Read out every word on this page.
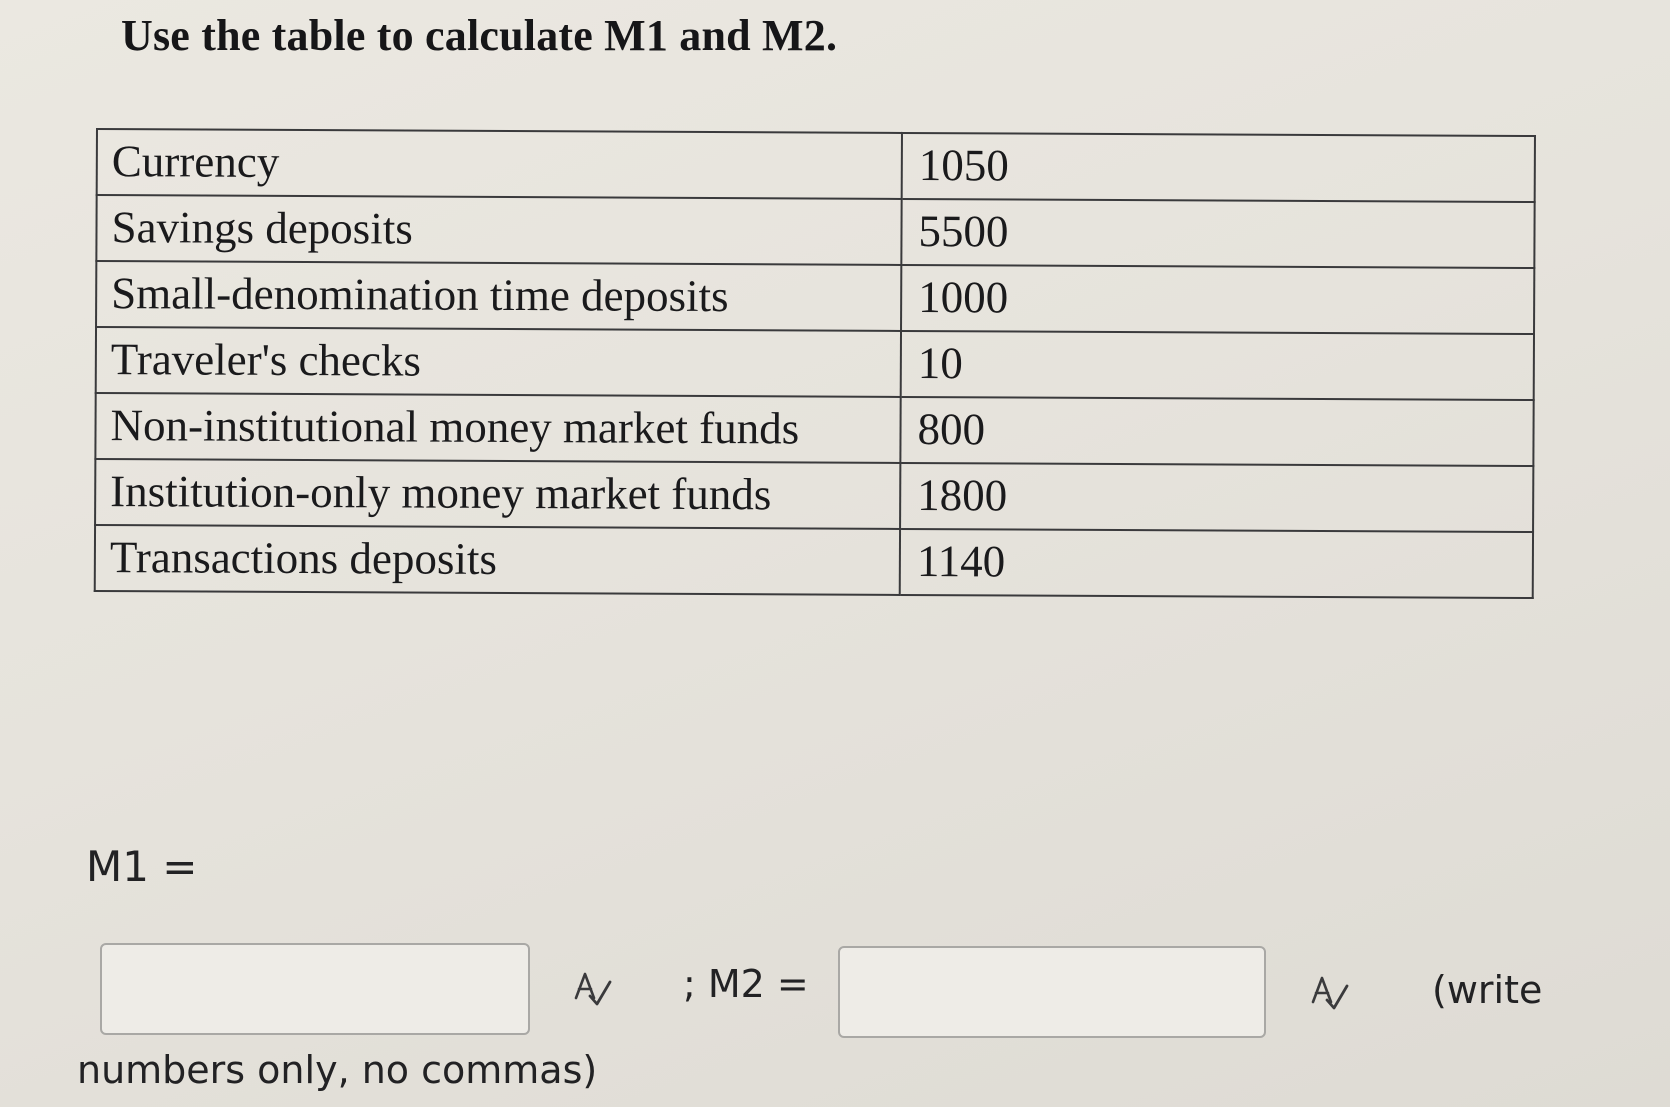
Use the table to calculate M1 and M2.
Currency	1050
Savings deposits	5500
Small-denomination time deposits	1000
Traveler's checks	10
Non-institutional money market funds	800
Institution-only money market funds	1800
Transactions deposits	1140
M1 =
; M2 =	(write
numbers only, no commas)
